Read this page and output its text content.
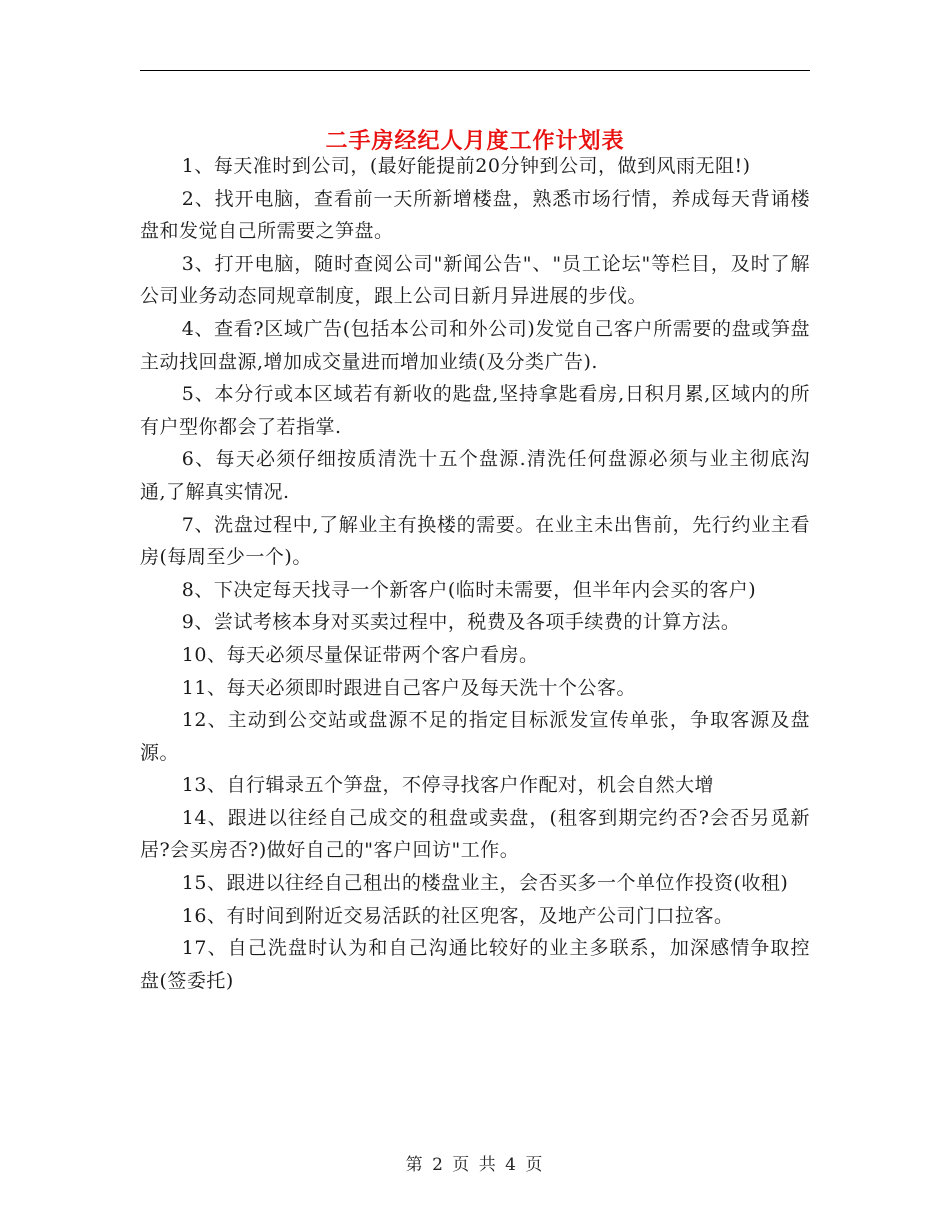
二手房经纪人月度工作计划表

1、每天准时到公司，(最好能提前20分钟到公司，做到风雨无阻!)

2、找开电脑，查看前一天所新增楼盘，熟悉市场行情，养成每天背诵楼盘和发觉自己所需要之笋盘。

3、打开电脑，随时查阅公司"新闻公告"、"员工论坛"等栏目，及时了解公司业务动态同规章制度，跟上公司日新月异进展的步伐。

4、查看?区域广告(包括本公司和外公司)发觉自己客户所需要的盘或笋盘主动找回盘源,增加成交量进而增加业绩(及分类广告).

5、本分行或本区域若有新收的匙盘,坚持拿匙看房,日积月累,区域内的所有户型你都会了若指掌.

6、每天必须仔细按质清洗十五个盘源.清洗任何盘源必须与业主彻底沟通,了解真实情况.

7、洗盘过程中,了解业主有换楼的需要。在业主未出售前，先行约业主看房(每周至少一个)。

8、下决定每天找寻一个新客户(临时未需要，但半年内会买的客户)

9、尝试考核本身对买卖过程中，税费及各项手续费的计算方法。

10、每天必须尽量保证带两个客户看房。

11、每天必须即时跟进自己客户及每天洗十个公客。

12、主动到公交站或盘源不足的指定目标派发宣传单张，争取客源及盘源。

13、自行辑录五个笋盘，不停寻找客户作配对，机会自然大增

14、跟进以往经自己成交的租盘或卖盘，(租客到期完约否?会否另觅新居?会买房否?)做好自己的"客户回访"工作。

15、跟进以往经自己租出的楼盘业主，会否买多一个单位作投资(收租)

16、有时间到附近交易活跃的社区兜客，及地产公司门口拉客。

17、自己洗盘时认为和自己沟通比较好的业主多联系，加深感情争取控盘(签委托)

第 2 页 共 4 页
